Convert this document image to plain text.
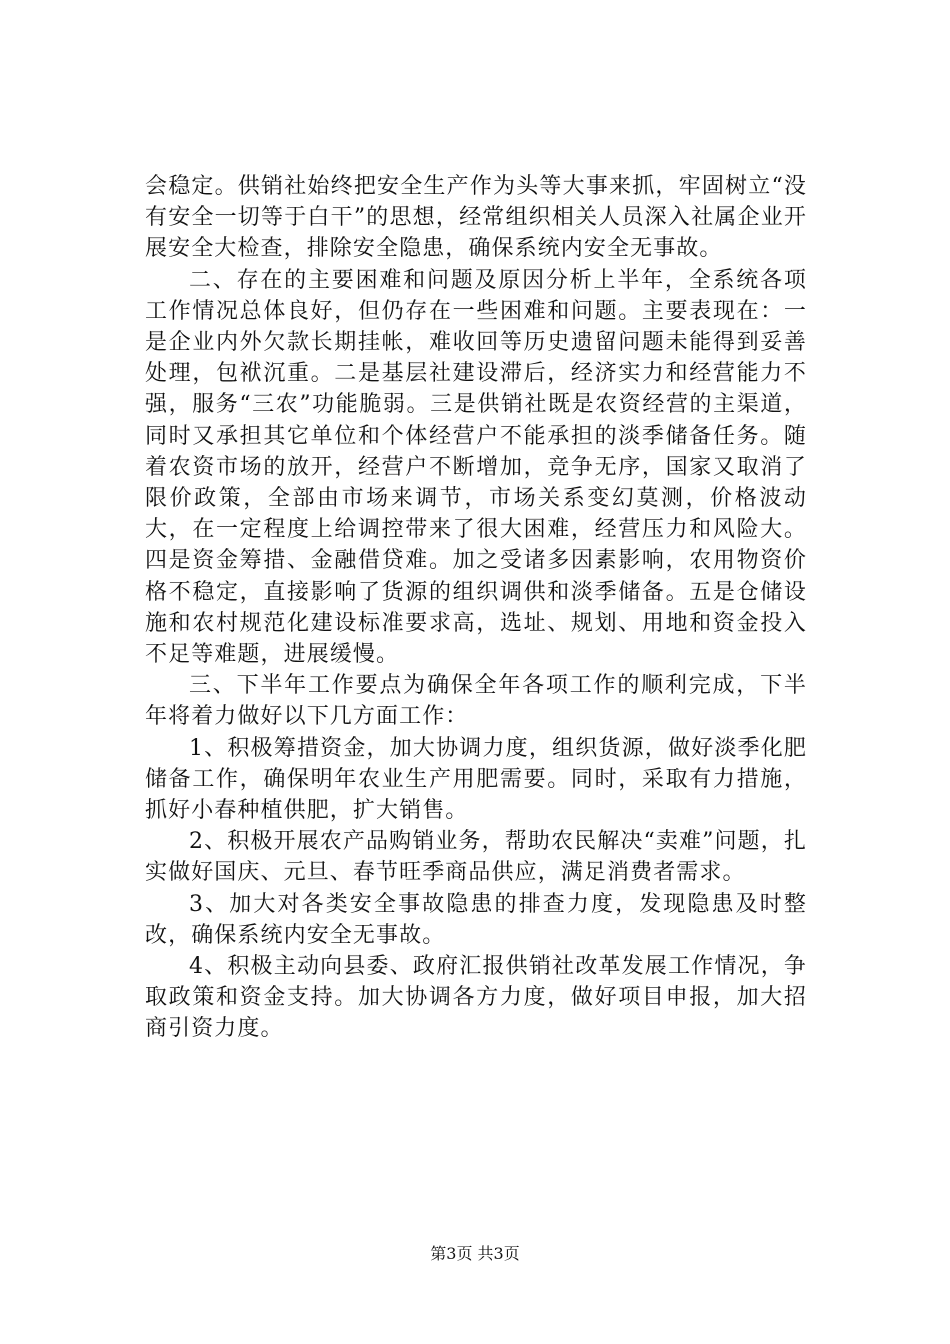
会稳定。供销社始终把安全生产作为头等大事来抓，牢固树立“没有安全一切等于白干”的思想，经常组织相关人员深入社属企业开展安全大检查，排除安全隐患，确保系统内安全无事故。

二、存在的主要困难和问题及原因分析上半年，全系统各项工作情况总体良好，但仍存在一些困难和问题。主要表现在：一是企业内外欠款长期挂帐，难收回等历史遗留问题未能得到妥善处理，包袱沉重。二是基层社建设滞后，经济实力和经营能力不强，服务“三农”功能脆弱。三是供销社既是农资经营的主渠道，同时又承担其它单位和个体经营户不能承担的淡季储备任务。随着农资市场的放开，经营户不断增加，竞争无序，国家又取消了限价政策，全部由市场来调节，市场关系变幻莫测，价格波动大，在一定程度上给调控带来了很大困难，经营压力和风险大。四是资金筹措、金融借贷难。加之受诸多因素影响，农用物资价格不稳定，直接影响了货源的组织调供和淡季储备。五是仓储设施和农村规范化建设标准要求高，选址、规划、用地和资金投入不足等难题，进展缓慢。

三、下半年工作要点为确保全年各项工作的顺利完成，下半年将着力做好以下几方面工作：

1、积极筹措资金，加大协调力度，组织货源，做好淡季化肥储备工作，确保明年农业生产用肥需要。同时，采取有力措施，抓好小春种植供肥，扩大销售。

2、积极开展农产品购销业务，帮助农民解决“卖难”问题，扎实做好国庆、元旦、春节旺季商品供应，满足消费者需求。

3、加大对各类安全事故隐患的排查力度，发现隐患及时整改，确保系统内安全无事故。

4、积极主动向县委、政府汇报供销社改革发展工作情况，争取政策和资金支持。加大协调各方力度，做好项目申报，加大招商引资力度。

第3页 共3页
